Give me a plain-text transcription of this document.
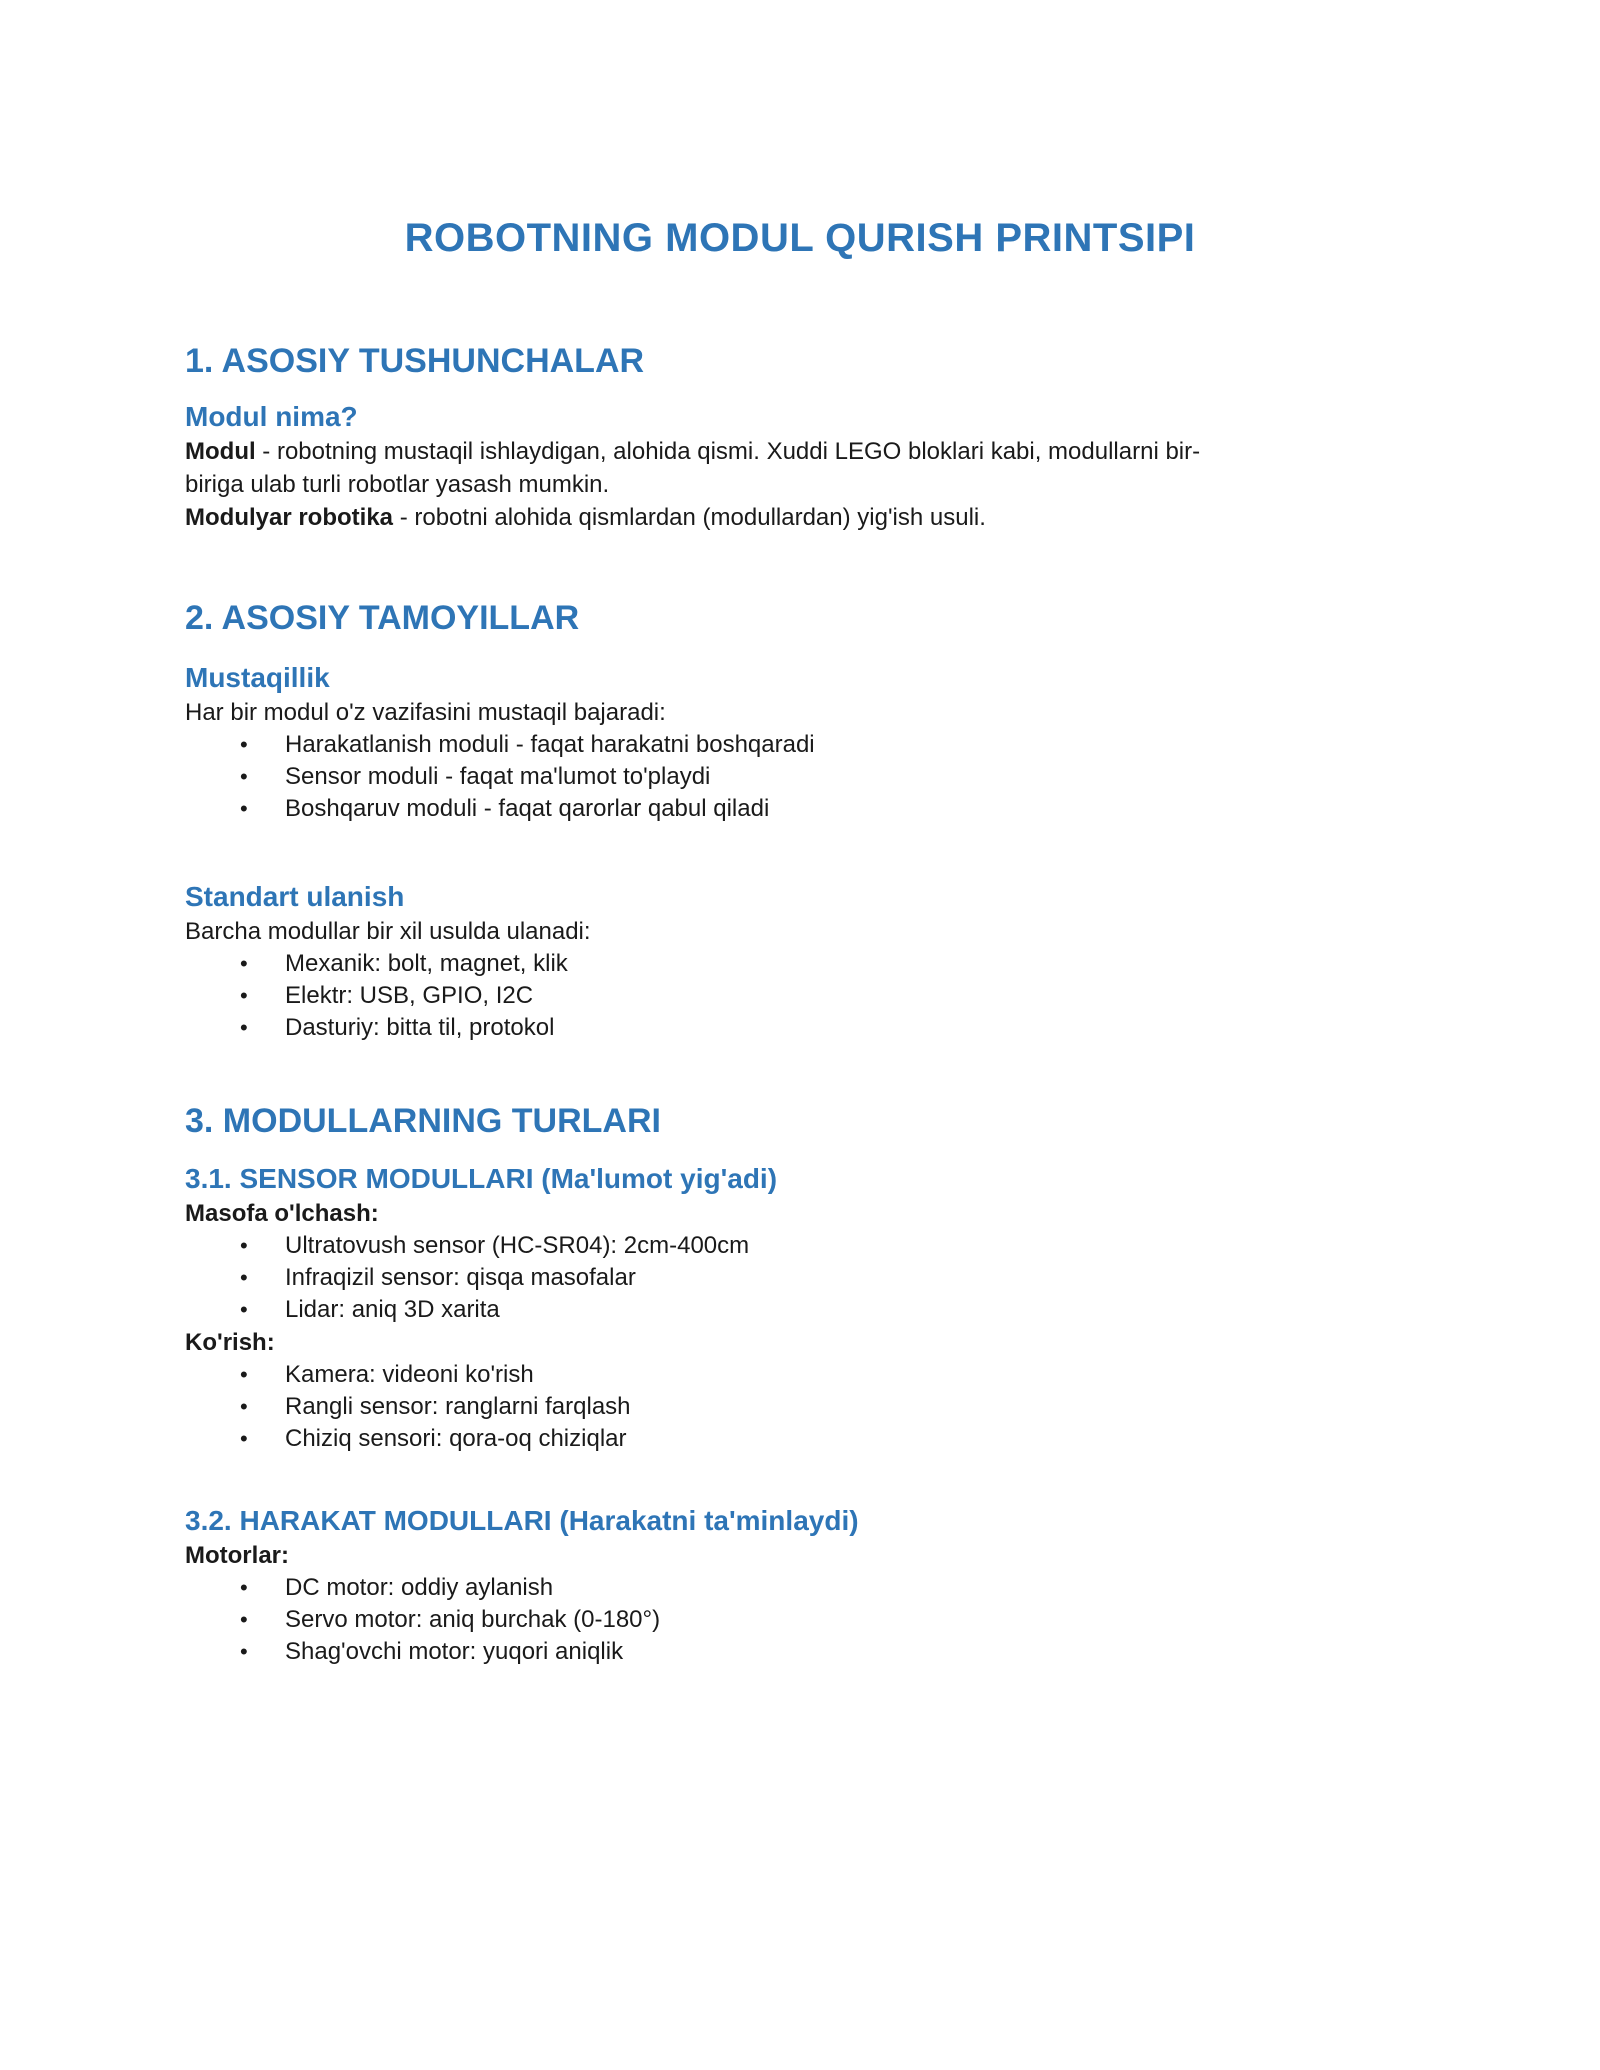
ROBOTNING MODUL QURISH PRINTSIPI
1. ASOSIY TUSHUNCHALAR
Modul nima?

Modul - robotning mustaqil ishlaydigan, alohida qismi. Xuddi LEGO bloklari kabi, modullarni bir-
biriga ulab turli robotlar yasash mumkin.

Modulyar robotika - robotni alohida qismlardan (modullardan) yig'ish usuli.

2. ASOSIY TAMOYILLAR
Mustaqillik

Har bir modul o'z vazifasini mustaqil bajaradi:

•	Harakatlanish moduli - faqat harakatni boshqaradi
•	Sensor moduli - faqat ma'lumot to'playdi
•	Boshqaruv moduli - faqat qarorlar qabul qiladi
Standart ulanish

Barcha modullar bir xil usulda ulanadi:

•	Mexanik: bolt, magnet, klik
•	Elektr: USB, GPIO, I2C
•	Dasturiy: bitta til, protokol
3. MODULLARNING TURLARI
3.1. SENSOR MODULLARI (Ma'lumot yig'adi)

Masofa o'lchash:

•	Ultratovush sensor (HC-SR04): 2cm-400cm
•	Infraqizil sensor: qisqa masofalar
•	Lidar: aniq 3D xarita

Ko'rish:

•	Kamera: videoni ko'rish
•	Rangli sensor: ranglarni farqlash
•	Chiziq sensori: qora-oq chiziqlar
3.2. HARAKAT MODULLARI (Harakatni ta'minlaydi)

Motorlar:

•	DC motor: oddiy aylanish
•	Servo motor: aniq burchak (0-180°)
•	Shag'ovchi motor: yuqori aniqlik
